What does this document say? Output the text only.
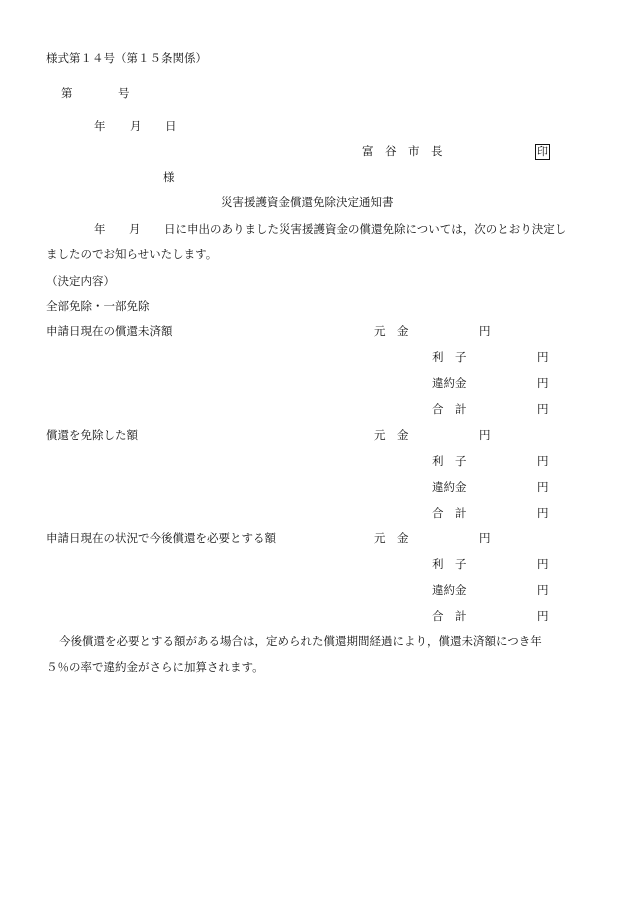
様式第１４号（第１５条関係）
第	号
年 月 日
富　谷　市　長	印
様
災害援護資金償還免除決定通知書
年 月 日に申出のありました災害援護資金の償還免除については，次のとおり決定し
ましたのでお知らせいたします。
（決定内容）
全部免除・一部免除
申請日現在の償還未済額	元　金	円
利　子	円
違約金	円
合　計	円
償還を免除した額	元　金	円
利　子	円
違約金	円
合　計	円
申請日現在の状況で今後償還を必要とする額	元　金	円
利　子	円
違約金	円
合　計	円
今後償還を必要とする額がある場合は，定められた償還期間経過により，償還未済額につき年
５％の率で違約金がさらに加算されます。
